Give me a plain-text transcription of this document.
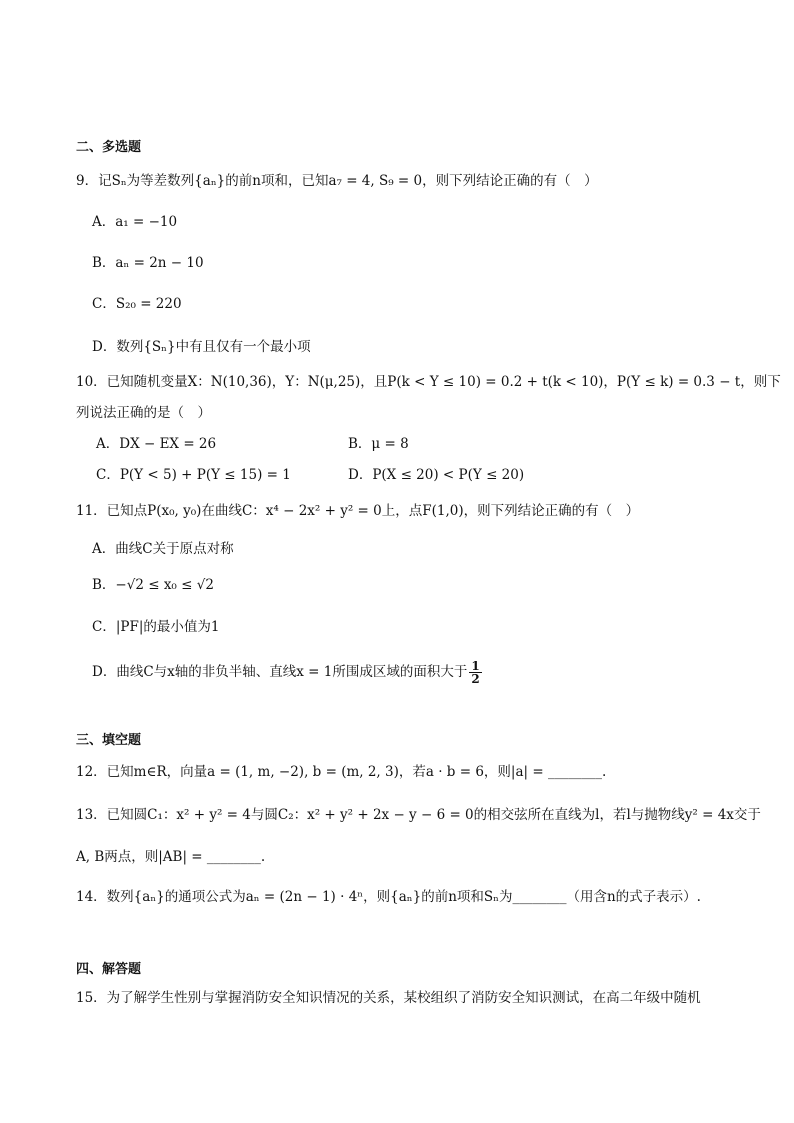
二、多选题
9．记Sₙ为等差数列{aₙ}的前n项和，已知a₇ = 4, S₉ = 0，则下列结论正确的有（　）
A．a₁ = −10
B．aₙ = 2n − 10
C．S₂₀ = 220
D．数列{Sₙ}中有且仅有一个最小项
10．已知随机变量X：N(10,36)，Y：N(μ,25)，且P(k < Y ≤ 10) = 0.2 + t(k < 10)，P(Y ≤ k) = 0.3 − t，则下
列说法正确的是（　）
A．DX − EX = 26	B．μ = 8
C．P(Y < 5) + P(Y ≤ 15) = 1	D．P(X ≤ 20) < P(Y ≤ 20)
11．已知点P(x₀, y₀)在曲线C：x⁴ − 2x² + y² = 0上，点F(1,0)，则下列结论正确的有（　）
A．曲线C关于原点对称
B．−√2 ≤ x₀ ≤ √2
C．|PF|的最小值为1
D．曲线C与x轴的非负半轴、直线x = 1所围成区域的面积大于 $\frac{1}{2}$
三、填空题
12．已知m∈R，向量a = (1, m, −2), b = (m, 2, 3)，若a · b = 6，则|a| = ________.
13．已知圆C₁：x² + y² = 4与圆C₂：x² + y² + 2x − y − 6 = 0的相交弦所在直线为l，若l与抛物线y² = 4x交于
A, B两点，则|AB| = ________.
14．数列{aₙ}的通项公式为aₙ = (2n − 1) · 4ⁿ，则{aₙ}的前n项和Sₙ为________（用含n的式子表示）.
四、解答题
15．为了解学生性别与掌握消防安全知识情况的关系，某校组织了消防安全知识测试，在高二年级中随机
